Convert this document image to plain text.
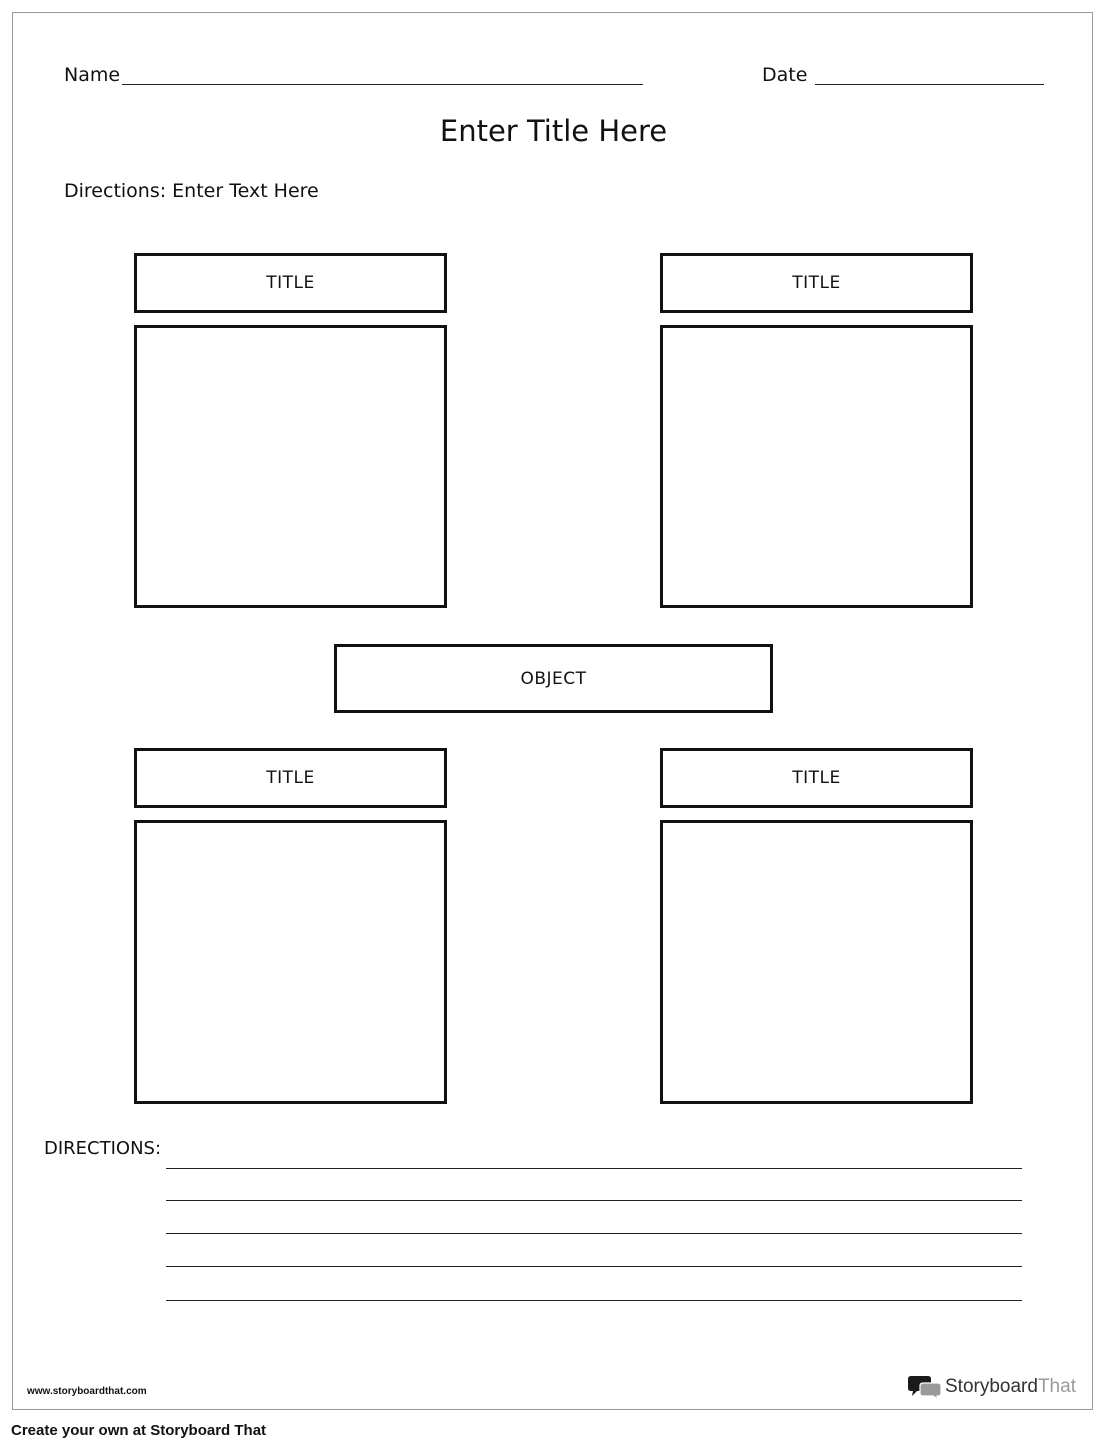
Name	Date
Enter Title Here
Directions: Enter Text Here
TITLE	TITLE
OBJECT
TITLE	TITLE
DIRECTIONS:
www.storyboardthat.com	StoryboardThat
Create your own at Storyboard That
